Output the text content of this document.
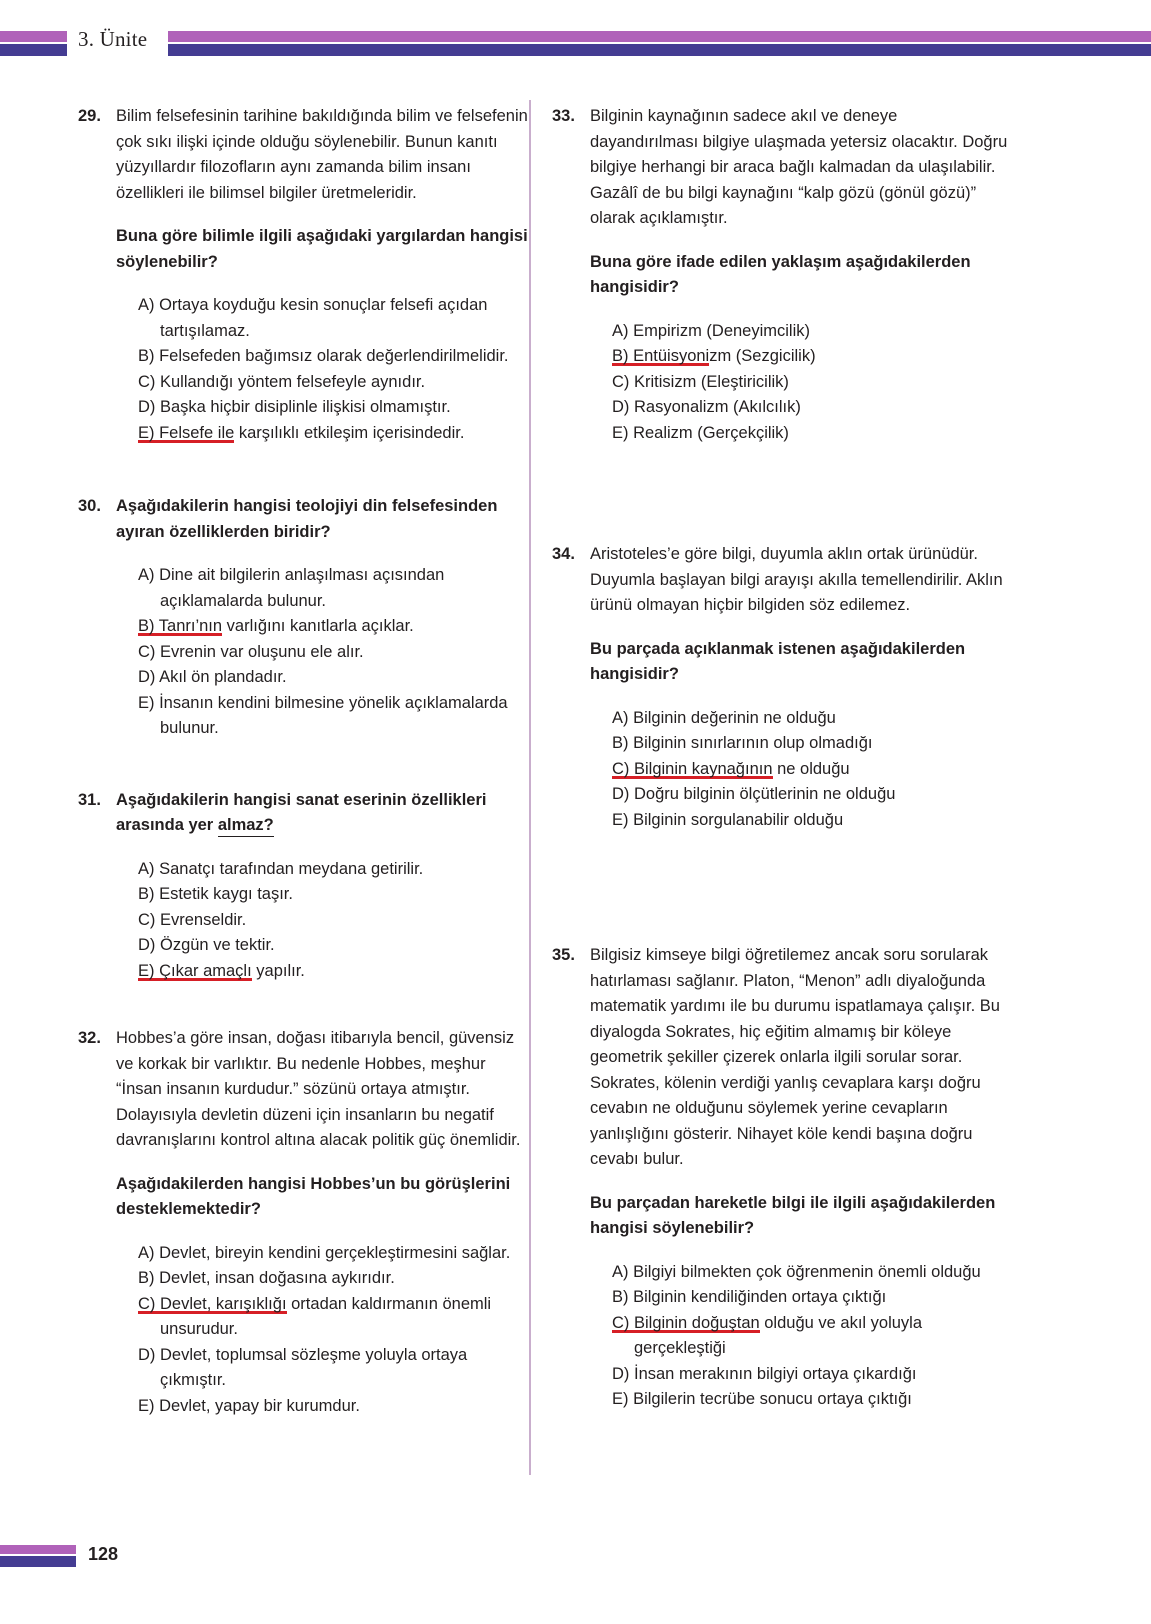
3. Ünite
29. Bilim felsefesinin tarihine bakıldığında bilim ve felsefenin çok sıkı ilişki içinde olduğu söylenebilir. Bunun kanıtı yüzyıllardır filozofların aynı zamanda bilim insanı özellikleri ile bilimsel bilgiler üretmeleridir.
Buna göre bilimle ilgili aşağıdaki yargılardan hangisi söylenebilir?
A) Ortaya koyduğu kesin sonuçlar felsefi açıdan tartışılamaz.
B) Felsefeden bağımsız olarak değerlendirilmelidir.
C) Kullandığı yöntem felsefeyle aynıdır.
D) Başka hiçbir disiplinle ilişkisi olmamıştır.
E) Felsefe ile karşılıklı etkileşim içerisindedir.
30. Aşağıdakilerin hangisi teolojiyi din felsefesinden ayıran özelliklerden biridir?
A) Dine ait bilgilerin anlaşılması açısından açıklamalarda bulunur.
B) Tanrı’nın varlığını kanıtlarla açıklar.
C) Evrenin var oluşunu ele alır.
D) Akıl ön plandadır.
E) İnsanın kendini bilmesine yönelik açıklamalarda bulunur.
31. Aşağıdakilerin hangisi sanat eserinin özellikleri arasında yer almaz?
A) Sanatçı tarafından meydana getirilir.
B) Estetik kaygı taşır.
C) Evrenseldir.
D) Özgün ve tektir.
E) Çıkar amaçlı yapılır.
32. Hobbes’a göre insan, doğası itibarıyla bencil, güvensiz ve korkak bir varlıktır. Bu nedenle Hobbes, meşhur “İnsan insanın kurdudur.” sözünü ortaya atmıştır. Dolayısıyla devletin düzeni için insanların bu negatif davranışlarını kontrol altına alacak politik güç önemlidir.
Aşağıdakilerden hangisi Hobbes’un bu görüşlerini desteklemektedir?
A) Devlet, bireyin kendini gerçekleştirmesini sağlar.
B) Devlet, insan doğasına aykırıdır.
C) Devlet, karışıklığı ortadan kaldırmanın önemli unsurudur.
D) Devlet, toplumsal sözleşme yoluyla ortaya çıkmıştır.
E) Devlet, yapay bir kurumdur.
33. Bilginin kaynağının sadece akıl ve deneye dayandırılması bilgiye ulaşmada yetersiz olacaktır. Doğru bilgiye herhangi bir araca bağlı kalmadan da ulaşılabilir. Gazâlî de bu bilgi kaynağını “kalp gözü (gönül gözü)” olarak açıklamıştır.
Buna göre ifade edilen yaklaşım aşağıdakilerden hangisidir?
A) Empirizm (Deneyimcilik)
B) Entüisyonizm (Sezgicilik)
C) Kritisizm (Eleştiricilik)
D) Rasyonalizm (Akılcılık)
E) Realizm (Gerçekçilik)
34. Aristoteles’e göre bilgi, duyumla aklın ortak ürünüdür. Duyumla başlayan bilgi arayışı akılla temellendirilir. Aklın ürünü olmayan hiçbir bilgiden söz edilemez.
Bu parçada açıklanmak istenen aşağıdakilerden hangisidir?
A) Bilginin değerinin ne olduğu
B) Bilginin sınırlarının olup olmadığı
C) Bilginin kaynağının ne olduğu
D) Doğru bilginin ölçütlerinin ne olduğu
E) Bilginin sorgulanabilir olduğu
35. Bilgisiz kimseye bilgi öğretilemez ancak soru sorularak hatırlaması sağlanır. Platon, “Menon” adlı diyaloğunda matematik yardımı ile bu durumu ispatlamaya çalışır. Bu diyalogda Sokrates, hiç eğitim almamış bir köleye geometrik şekiller çizerek onlarla ilgili sorular sorar. Sokrates, kölenin verdiği yanlış cevaplara karşı doğru cevabın ne olduğunu söylemek yerine cevapların yanlışlığını gösterir. Nihayet köle kendi başına doğru cevabı bulur.
Bu parçadan hareketle bilgi ile ilgili aşağıdakilerden hangisi söylenebilir?
A) Bilgiyi bilmekten çok öğrenmenin önemli olduğu
B) Bilginin kendiliğinden ortaya çıktığı
C) Bilginin doğuştan olduğu ve akıl yoluyla gerçekleştiği
D) İnsan merakının bilgiyi ortaya çıkardığı
E) Bilgilerin tecrübe sonucu ortaya çıktığı
128
